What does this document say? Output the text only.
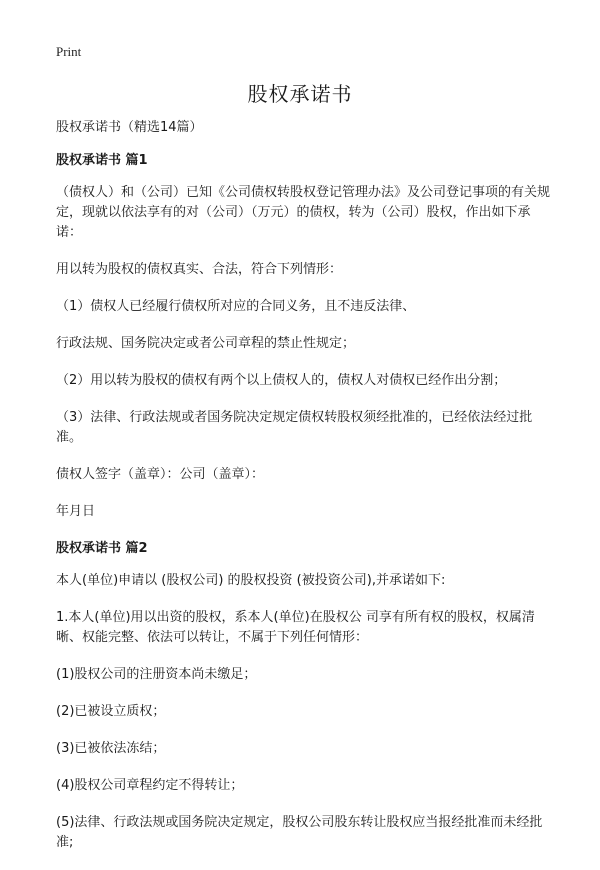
Print
股权承诺书

股权承诺书（精选14篇）

股权承诺书 篇1

（债权人）和（公司）已知《公司债权转股权登记管理办法》及公司登记事项的有关规定，现就以依法享有的对（公司）（万元）的债权，转为（公司）股权，作出如下承诺：

用以转为股权的债权真实、合法，符合下列情形：

（1）债权人已经履行债权所对应的合同义务，且不违反法律、

行政法规、国务院决定或者公司章程的禁止性规定；

（2）用以转为股权的债权有两个以上债权人的，债权人对债权已经作出分割；

（3）法律、行政法规或者国务院决定规定债权转股权须经批准的，已经依法经过批准。

债权人签字（盖章）：公司（盖章）：

年月日

股权承诺书 篇2

本人(单位)申请以 (股权公司) 的股权投资 (被投资公司),并承诺如下:

1.本人(单位)用以出资的股权，系本人(单位)在股权公 司享有所有权的股权，权属清晰、权能完整、依法可以转让，不属于下列任何情形：

(1)股权公司的注册资本尚未缴足；

(2)已被设立质权；

(3)已被依法冻结；

(4)股权公司章程约定不得转让；

(5)法律、行政法规或国务院决定规定，股权公司股东转让股权应当报经批准而未经批准;
